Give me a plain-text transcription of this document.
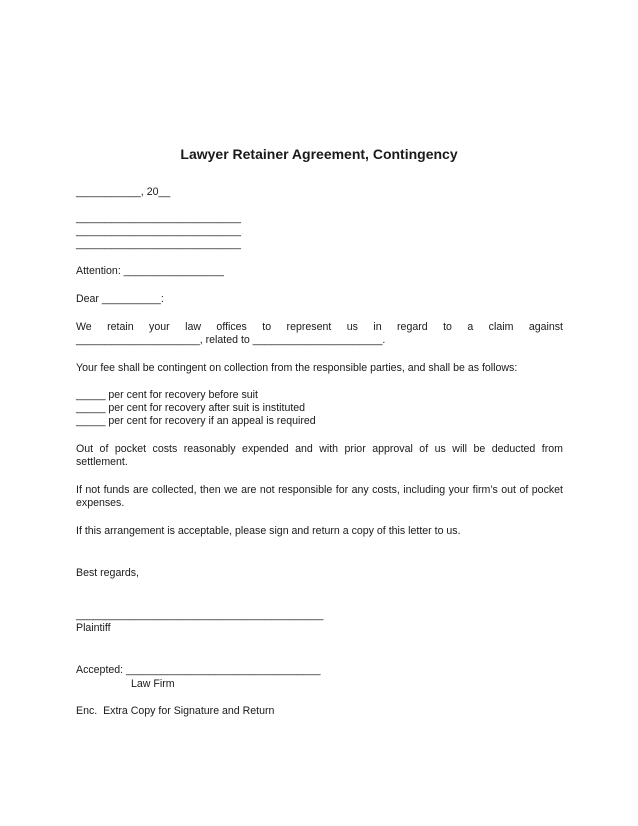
Lawyer Retainer Agreement, Contingency
___________, 20__
____________________________
____________________________
____________________________
Attention: _________________
Dear __________:
We retain your law offices to represent us in regard to a claim against
_____________________, related to ______________________.
Your fee shall be contingent on collection from the responsible parties, and shall be as follows:
_____ per cent for recovery before suit
_____ per cent for recovery after suit is instituted
_____ per cent for recovery if an appeal is required
Out of pocket costs reasonably expended and with prior approval of us will be deducted from settlement.
If not funds are collected, then we are not responsible for any costs, including your firm’s out of pocket expenses.
If this arrangement is acceptable, please sign and return a copy of this letter to us.
Best regards,
__________________________________________
Plaintiff
Accepted: _________________________________
Law Firm
Enc.  Extra Copy for Signature and Return
